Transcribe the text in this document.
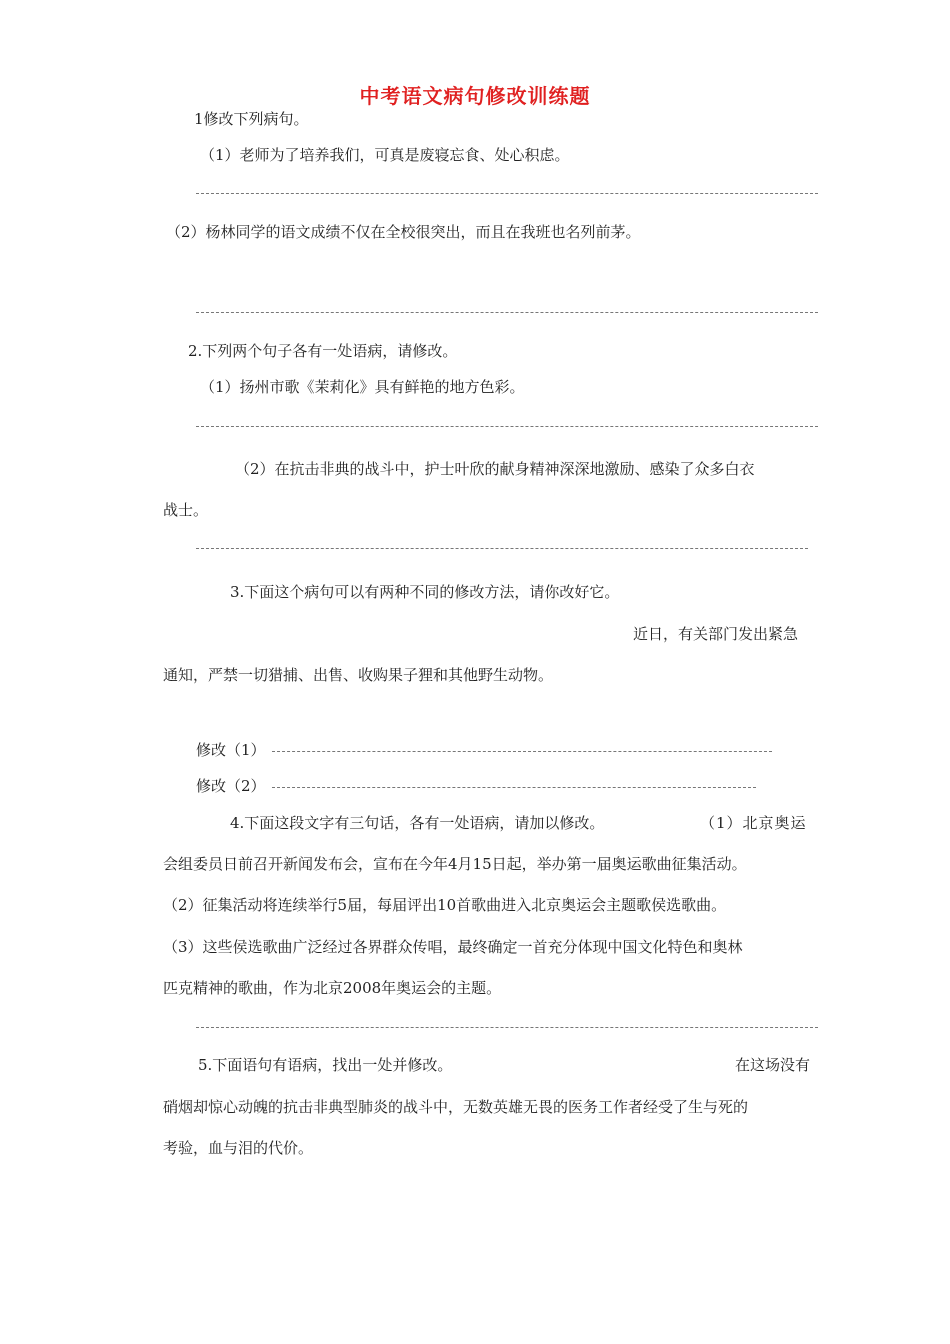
中考语文病句修改训练题

1修改下列病句。

（1）老师为了培养我们，可真是废寝忘食、处心积虑。

（2）杨林同学的语文成绩不仅在全校很突出，而且在我班也名列前茅。

2.下列两个句子各有一处语病，请修改。

（1）扬州市歌《茉莉化》具有鲜艳的地方色彩。

（2）在抗击非典的战斗中，护士叶欣的献身精神深深地激励、感染了众多白衣

战士。

3.下面这个病句可以有两种不同的修改方法，请你改好它。

近日，有关部门发出紧急

通知，严禁一切猎捕、出售、收购果子狸和其他野生动物。

修改（1）

修改（2）

4.下面这段文字有三句话，各有一处语病，请加以修改。	（1）北京奥运

会组委员日前召开新闻发布会，宣布在今年4月15日起，举办第一届奥运歌曲征集活动。

（2）征集活动将连续举行5届，每届评出10首歌曲进入北京奥运会主题歌侯选歌曲。

（3）这些侯选歌曲广泛经过各界群众传唱，最终确定一首充分体现中国文化特色和奥林

匹克精神的歌曲，作为北京2008年奥运会的主题。

5.下面语句有语病，找出一处并修改。	在这场没有

硝烟却惊心动魄的抗击非典型肺炎的战斗中，无数英雄无畏的医务工作者经受了生与死的

考验，血与泪的代价。
